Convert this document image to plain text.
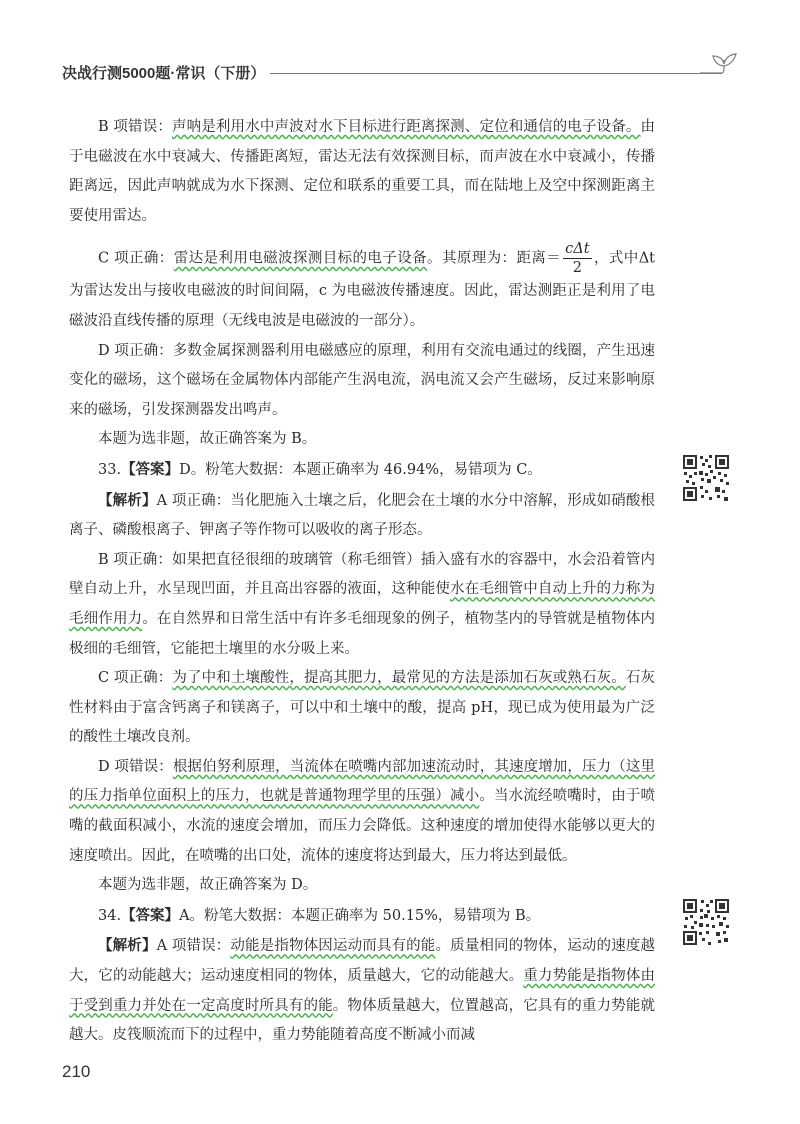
决战行测5000题·常识（下册）
B 项错误：声呐是利用水中声波对水下目标进行距离探测、定位和通信的电子设备。由于电磁波在水中衰减大、传播距离短，雷达无法有效探测目标，而声波在水中衰减小，传播距离远，因此声呐就成为水下探测、定位和联系的重要工具，而在陆地上及空中探测距离主要使用雷达。
C 项正确：雷达是利用电磁波探测目标的电子设备。其原理为：距离＝ $\frac{\text{cΔt}}{2}$ ，式中Δt为雷达发出与接收电磁波的时间间隔，c 为电磁波传播速度。因此，雷达测距正是利用了电磁波沿直线传播的原理（无线电波是电磁波的一部分）。
D 项正确：多数金属探测器利用电磁感应的原理，利用有交流电通过的线圈，产生迅速变化的磁场，这个磁场在金属物体内部能产生涡电流，涡电流又会产生磁场，反过来影响原来的磁场，引发探测器发出鸣声。
本题为选非题，故正确答案为 B。
33.【答案】D。粉笔大数据：本题正确率为 46.94%，易错项为 C。
【解析】A 项正确：当化肥施入土壤之后，化肥会在土壤的水分中溶解，形成如硝酸根离子、磷酸根离子、钾离子等作物可以吸收的离子形态。
B 项正确：如果把直径很细的玻璃管（称毛细管）插入盛有水的容器中，水会沿着管内壁自动上升，水呈现凹面，并且高出容器的液面，这种能使水在毛细管中自动上升的力称为毛细作用力。在自然界和日常生活中有许多毛细现象的例子，植物茎内的导管就是植物体内极细的毛细管，它能把土壤里的水分吸上来。
C 项正确：为了中和土壤酸性，提高其肥力，最常见的方法是添加石灰或熟石灰。石灰性材料由于富含钙离子和镁离子，可以中和土壤中的酸，提高 pH，现已成为使用最为广泛的酸性土壤改良剂。
D 项错误：根据伯努利原理，当流体在喷嘴内部加速流动时，其速度增加，压力（这里的压力指单位面积上的压力，也就是普通物理学里的压强）减小。当水流经喷嘴时，由于喷嘴的截面积减小，水流的速度会增加，而压力会降低。这种速度的增加使得水能够以更大的速度喷出。因此，在喷嘴的出口处，流体的速度将达到最大，压力将达到最低。
本题为选非题，故正确答案为 D。
34.【答案】A。粉笔大数据：本题正确率为 50.15%，易错项为 B。
【解析】A 项错误：动能是指物体因运动而具有的能。质量相同的物体，运动的速度越大，它的动能越大；运动速度相同的物体，质量越大，它的动能越大。重力势能是指物体由于受到重力并处在一定高度时所具有的能。物体质量越大，位置越高，它具有的重力势能就越大。皮筏顺流而下的过程中，重力势能随着高度不断减小而减
210
